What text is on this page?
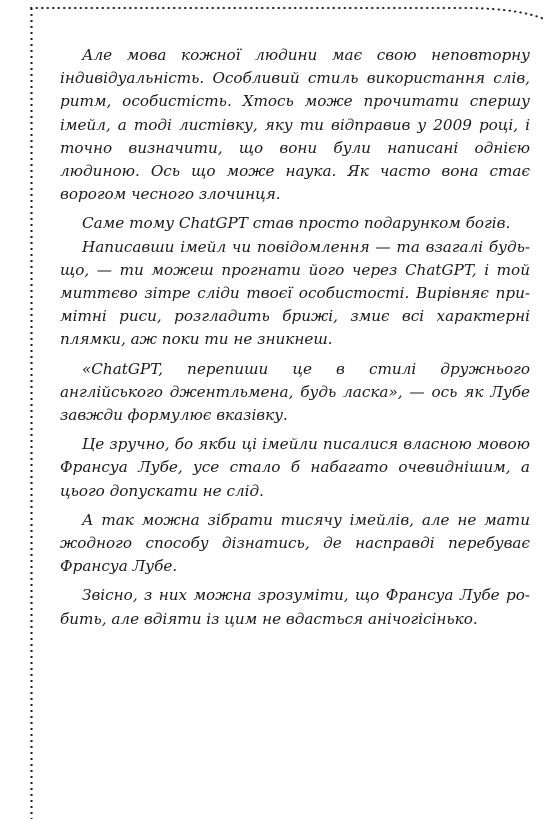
Але мова кожної людини має свою неповторну індивідуальність. Особливий стиль використання слів, ритм, особистість. Хтось може прочитати спершу імейл, а тоді листівку, яку ти відправив у 2009 році, і точно визначити, що вони були написані однією людиною. Ось що може наука. Як часто вона стає ворогом чесного злочинця.

Саме тому ChatGPT став просто подарунком богів.

Написавши імейл чи повідомлення — та взагалі будь-що, — ти можеш прогнати його через ChatGPT, і той миттєво зітре сліди твоєї особистості. Вирівняє примітні риси, розгладить брижі, змиє всі характерні плямки, аж поки ти не зникнеш.

«ChatGPT, перепиши це в стилі дружнього англійського джентльмена, будь ласка», — ось як Лубе завжди формулює вказівку.

Це зручно, бо якби ці імейли писалися власною мовою Франсуа Лубе, усе стало б набагато очевиднішим, а цього допускати не слід.

А так можна зібрати тисячу імейлів, але не мати жодного способу дізнатись, де насправді перебуває Франсуа Лубе.

Звісно, з них можна зрозуміти, що Франсуа Лубе робить, але вдіяти із цим не вдасться анічогісінько.
